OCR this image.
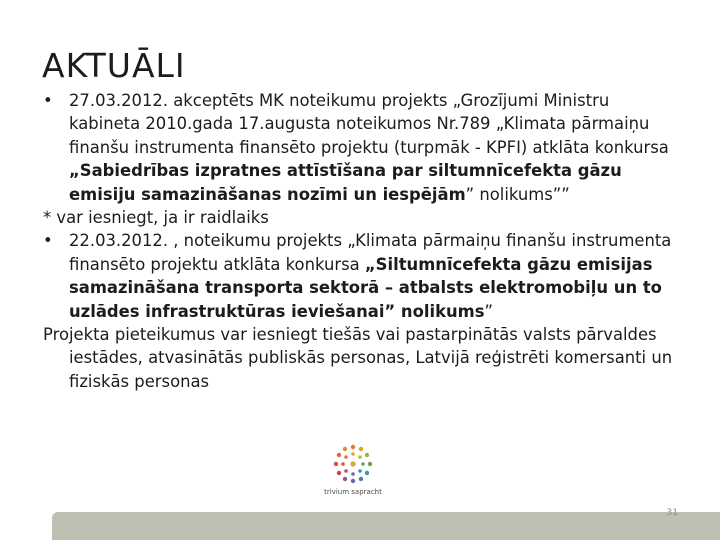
AKTUĀLI

• 27.03.2012. akceptēts MK noteikumu projekts „Grozījumi Ministru kabineta 2010.gada 17.augusta noteikumos Nr.789 „Klimata pārmaiņu finanšu instrumenta finansēto projektu (turpmāk - KPFI) atklāta konkursa „Sabiedrības izpratnes attīstīšana par siltumnīcefekta gāzu emisiju samazināšanas nozīmi un iespējām” nolikums””

* var iesniegt, ja ir raidlaiks

• 22.03.2012. , noteikumu projekts „Klimata pārmaiņu finanšu instrumenta finansēto projektu atklāta konkursa „Siltumnīcefekta gāzu emisijas samazināšana transporta sektorā – atbalsts elektromobiļu un to uzlādes infrastruktūras ieviešanai” nolikums”

Projekta pieteikumus var iesniegt tiešās vai pastarpinātās valsts pārvaldes iestādes, atvasinātās publiskās personas, Latvijā reģistrēti komersanti un fiziskās personas

trivium sapracht
31
